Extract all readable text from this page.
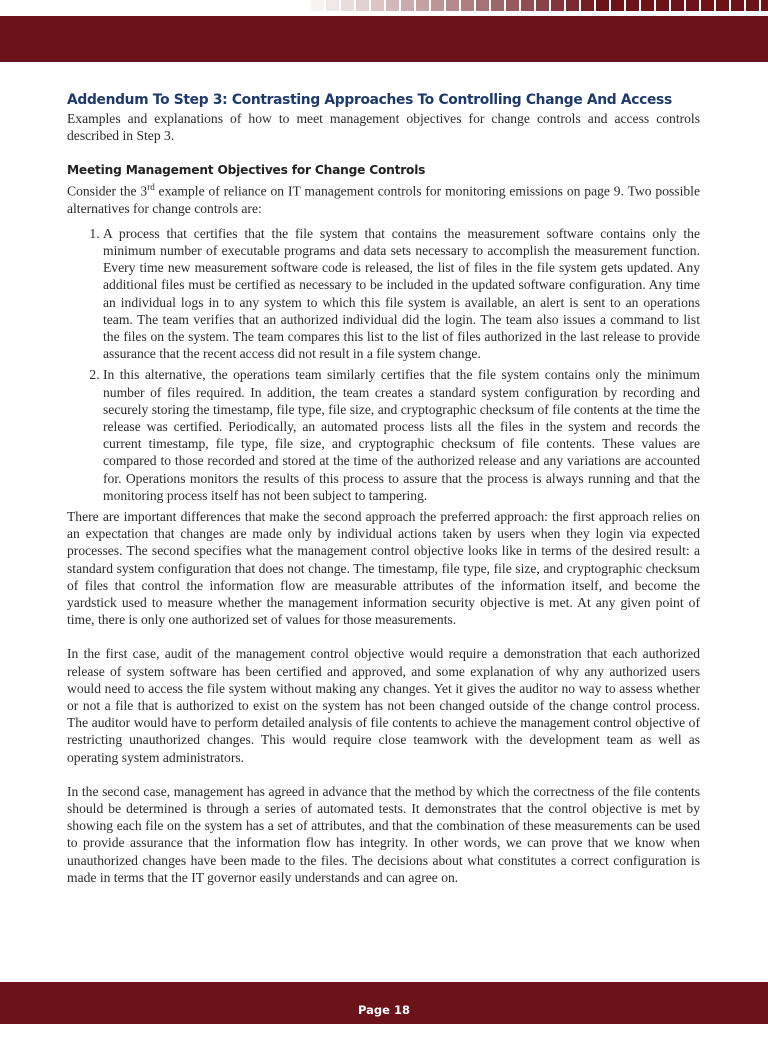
Addendum To Step 3: Contrasting Approaches To Controlling Change And Access

Examples and explanations of how to meet management objectives for change controls and access controls described in Step 3.

Meeting Management Objectives for Change Controls

Consider the 3rd example of reliance on IT management controls for monitoring emissions on page 9. Two possible alternatives for change controls are:

1. A process that certifies that the file system that contains the measurement software contains only the minimum number of executable programs and data sets necessary to accomplish the measurement function. Every time new measurement software code is released, the list of files in the file system gets updated. Any additional files must be certified as necessary to be included in the updated software configuration. Any time an individual logs in to any system to which this file system is available, an alert is sent to an operations team. The team verifies that an authorized individual did the login. The team also issues a command to list the files on the system. The team compares this list to the list of files authorized in the last release to provide assurance that the recent access did not result in a file system change.
2. In this alternative, the operations team similarly certifies that the file system contains only the minimum number of files required. In addition, the team creates a standard system configuration by recording and securely storing the timestamp, file type, file size, and cryptographic checksum of file contents at the time the release was certified. Periodically, an automated process lists all the files in the system and records the current timestamp, file type, file size, and cryptographic checksum of file contents. These values are compared to those recorded and stored at the time of the authorized release and any variations are accounted for. Operations monitors the results of this process to assure that the process is always running and that the monitoring process itself has not been subject to tampering.

There are important differences that make the second approach the preferred approach: the first approach relies on an expectation that changes are made only by individual actions taken by users when they login via expected processes. The second specifies what the management control objective looks like in terms of the desired result: a standard system configuration that does not change. The timestamp, file type, file size, and cryptographic checksum of files that control the information flow are measurable attributes of the information itself, and become the yardstick used to measure whether the management information security objective is met. At any given point of time, there is only one authorized set of values for those measurements.

In the first case, audit of the management control objective would require a demonstration that each authorized release of system software has been certified and approved, and some explanation of why any authorized users would need to access the file system without making any changes. Yet it gives the auditor no way to assess whether or not a file that is authorized to exist on the system has not been changed outside of the change control process. The auditor would have to perform detailed analysis of file contents to achieve the management control objective of restricting unauthorized changes. This would require close teamwork with the development team as well as operating system administrators.

In the second case, management has agreed in advance that the method by which the correctness of the file contents should be determined is through a series of automated tests. It demonstrates that the control objective is met by showing each file on the system has a set of attributes, and that the combination of these measurements can be used to provide assurance that the information flow has integrity. In other words, we can prove that we know when unauthorized changes have been made to the files. The decisions about what constitutes a correct configuration is made in terms that the IT governor easily understands and can agree on.

Page 18
